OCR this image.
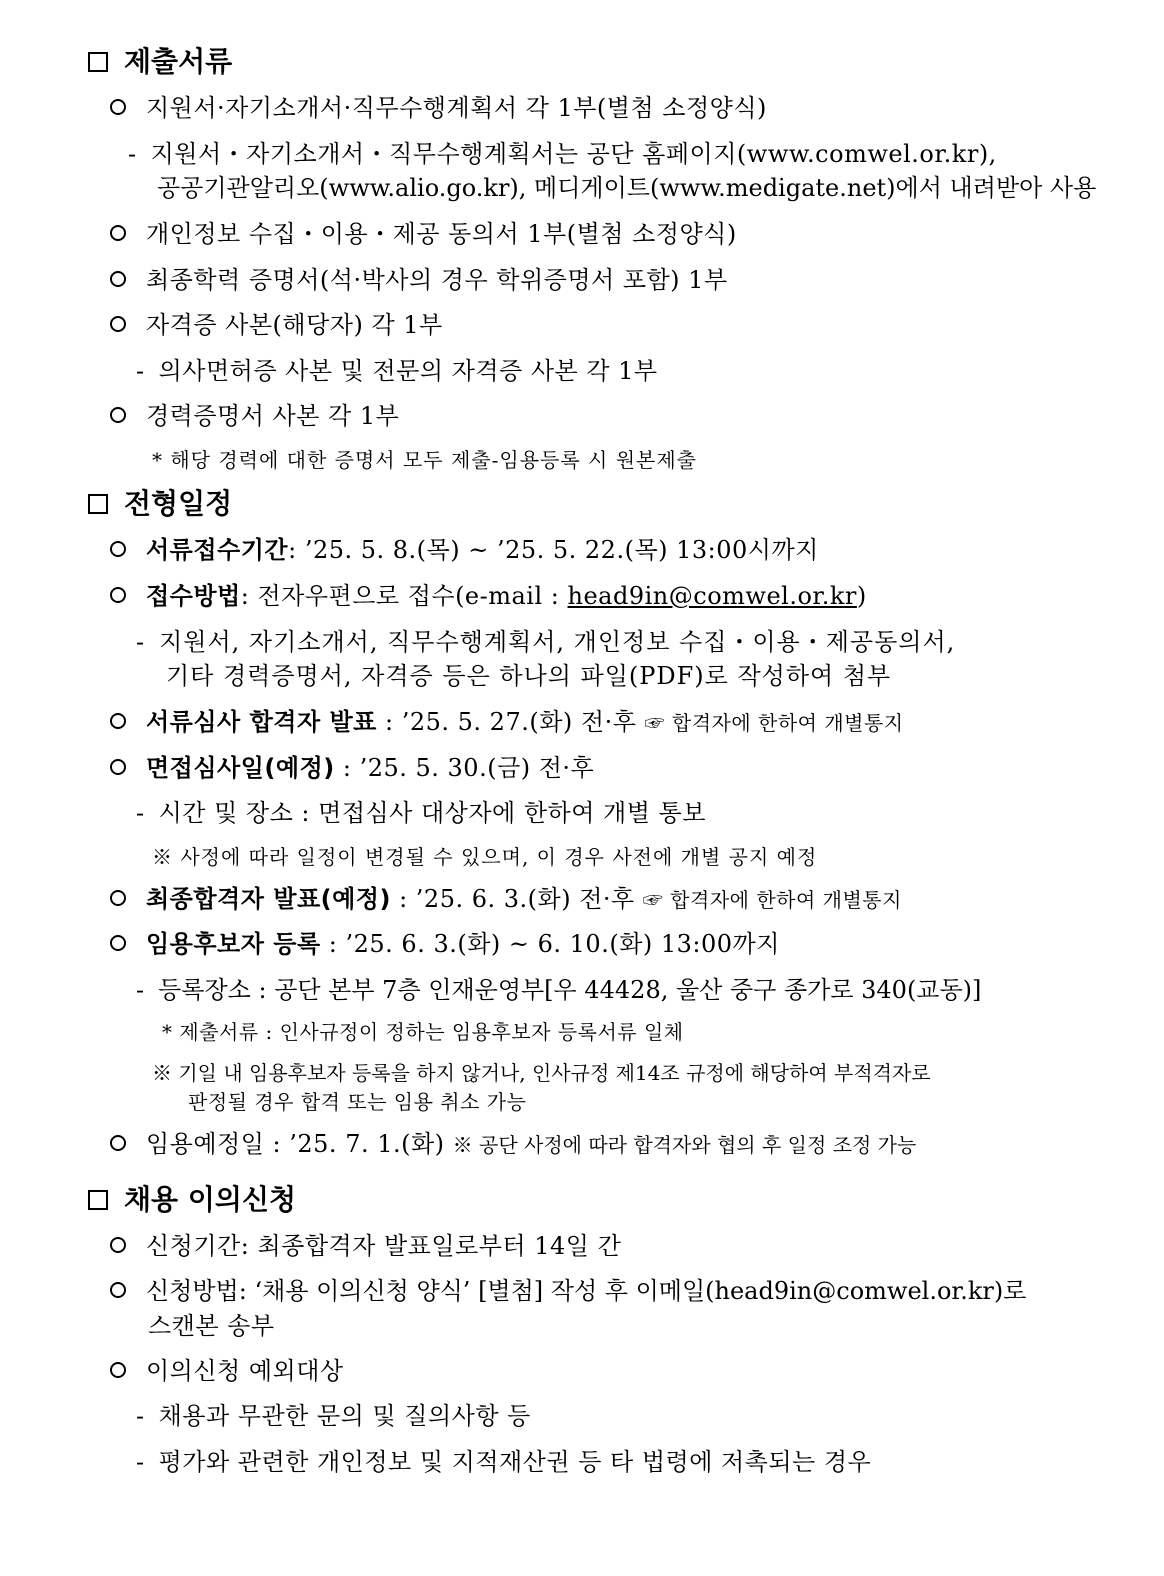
제출서류
지원서·자기소개서·직무수행계획서 각 1부(별첨 소정양식)
- 지원서・자기소개서・직무수행계획서는 공단 홈페이지(www.comwel.or.kr),
공공기관알리오(www.alio.go.kr), 메디게이트(www.medigate.net)에서 내려받아 사용
개인정보 수집・이용・제공 동의서 1부(별첨 소정양식)
최종학력 증명서(석·박사의 경우 학위증명서 포함) 1부
자격증 사본(해당자) 각 1부
- 의사면허증 사본 및 전문의 자격증 사본 각 1부
경력증명서 사본 각 1부
* 해당 경력에 대한 증명서 모두 제출-임용등록 시 원본제출
전형일정
서류접수기간: ’25. 5. 8.(목) ~ ’25. 5. 22.(목) 13:00시까지
접수방법: 전자우편으로 접수(e-mail : head9in@comwel.or.kr)
- 지원서, 자기소개서, 직무수행계획서, 개인정보 수집・이용・제공동의서,
기타 경력증명서, 자격증 등은 하나의 파일(PDF)로 작성하여 첨부
서류심사 합격자 발표 : ’25. 5. 27.(화) 전·후 ☞ 합격자에 한하여 개별통지
면접심사일(예정) : ’25. 5. 30.(금) 전·후
- 시간 및 장소 : 면접심사 대상자에 한하여 개별 통보
※ 사정에 따라 일정이 변경될 수 있으며, 이 경우 사전에 개별 공지 예정
최종합격자 발표(예정) : ’25. 6. 3.(화) 전·후 ☞ 합격자에 한하여 개별통지
임용후보자 등록 : ’25. 6. 3.(화) ~ 6. 10.(화) 13:00까지
- 등록장소 : 공단 본부 7층 인재운영부[우 44428, 울산 중구 종가로 340(교동)]
* 제출서류 : 인사규정이 정하는 임용후보자 등록서류 일체
※ 기일 내 임용후보자 등록을 하지 않거나, 인사규정 제14조 규정에 해당하여 부적격자로
판정될 경우 합격 또는 임용 취소 가능
임용예정일 : ’25. 7. 1.(화) ※ 공단 사정에 따라 합격자와 협의 후 일정 조정 가능
채용 이의신청
신청기간: 최종합격자 발표일로부터 14일 간
신청방법: ‘채용 이의신청 양식’ [별첨] 작성 후 이메일(head9in@comwel.or.kr)로
스캔본 송부
이의신청 예외대상
- 채용과 무관한 문의 및 질의사항 등
- 평가와 관련한 개인정보 및 지적재산권 등 타 법령에 저촉되는 경우
